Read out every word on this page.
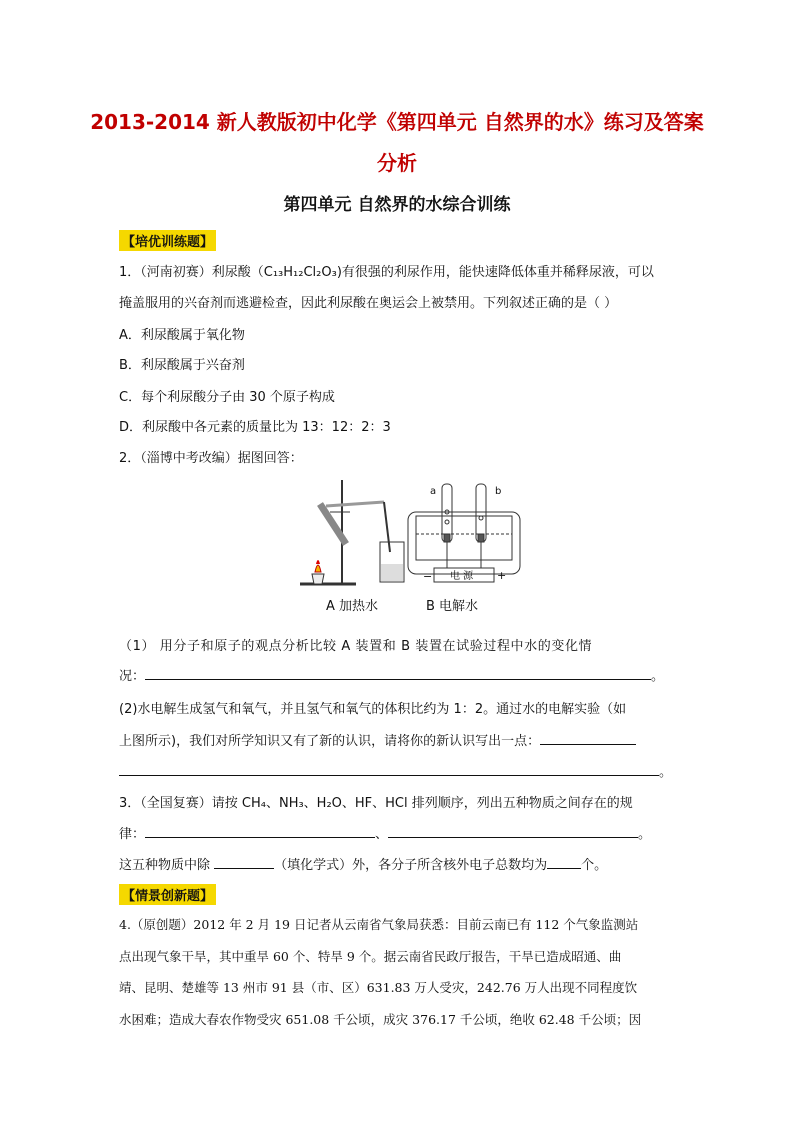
2013-2014 新人教版初中化学《第四单元 自然界的水》练习及答案
分析
第四单元 自然界的水综合训练
【培优训练题】
1．（河南初赛）利尿酸（C₁₃H₁₂Cl₂O₃)有很强的利尿作用，能快速降低体重并稀释尿液，可以
掩盖服用的兴奋剂而逃避检查，因此利尿酸在奥运会上被禁用。下列叙述正确的是（ ）
A．利尿酸属于氧化物
B．利尿酸属于兴奋剂
C．每个利尿酸分子由 30 个原子构成
D．利尿酸中各元素的质量比为 13：12：2：3
2．（淄博中考改编）据图回答：
a	b
电 源
−	+
A 加热水	B 电解水
（1） 用分子和原子的观点分析比较 A 装置和 B 装置在试验过程中水的变化情
况：	。
(2)水电解生成氢气和氧气，并且氢气和氧气的体积比约为 1：2。通过水的电解实验（如
上图所示)，我们对所学知识又有了新的认识，请将你的新认识写出一点：
。
3．（全国复赛）请按 CH₄、NH₃、H₂O、HF、HCl 排列顺序，列出五种物质之间存在的规
律：	、	。
这五种物质中除	（填化学式）外，各分子所含核外电子总数均为	个。
【情景创新题】
4.（原创题）2012 年 2 月 19 日记者从云南省气象局获悉：目前云南已有 112 个气象监测站
点出现气象干旱，其中重旱 60 个、特旱 9 个。据云南省民政厅报告，干旱已造成昭通、曲
靖、昆明、楚雄等 13 州市 91 县（市、区）631.83 万人受灾，242.76 万人出现不同程度饮
水困难；造成大春农作物受灾 651.08 千公顷，成灾 376.17 千公顷，绝收 62.48 千公顷；因
